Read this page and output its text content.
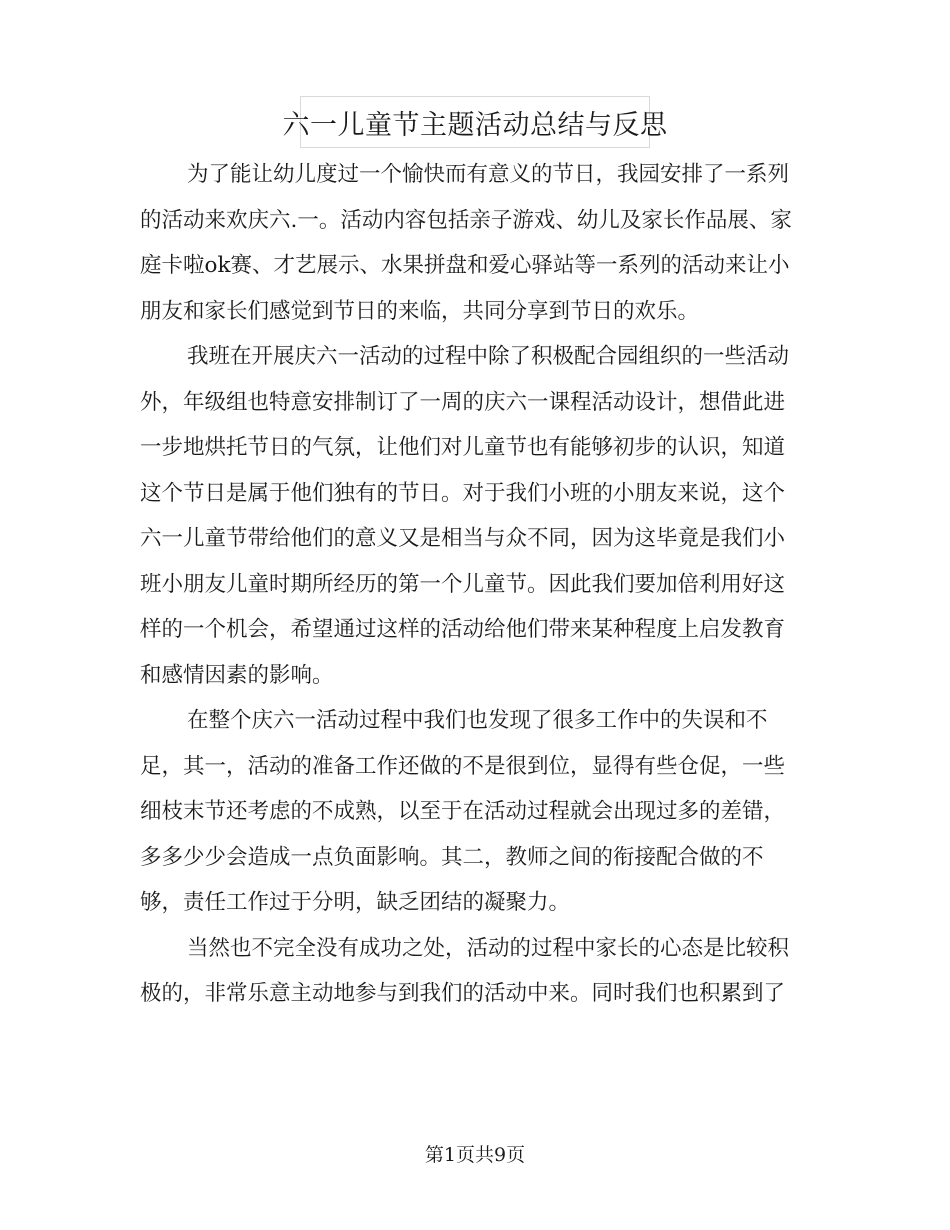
六一儿童节主题活动总结与反思

为了能让幼儿度过一个愉快而有意义的节日，我园安排了一系列
的活动来欢庆六.一。活动内容包括亲子游戏、幼儿及家长作品展、家
庭卡啦ok赛、才艺展示、水果拼盘和爱心驿站等一系列的活动来让小
朋友和家长们感觉到节日的来临，共同分享到节日的欢乐。

我班在开展庆六一活动的过程中除了积极配合园组织的一些活动
外，年级组也特意安排制订了一周的庆六一课程活动设计，想借此进
一步地烘托节日的气氛，让他们对儿童节也有能够初步的认识，知道
这个节日是属于他们独有的节日。对于我们小班的小朋友来说，这个
六一儿童节带给他们的意义又是相当与众不同，因为这毕竟是我们小
班小朋友儿童时期所经历的第一个儿童节。因此我们要加倍利用好这
样的一个机会，希望通过这样的活动给他们带来某种程度上启发教育
和感情因素的影响。

在整个庆六一活动过程中我们也发现了很多工作中的失误和不
足，其一，活动的准备工作还做的不是很到位，显得有些仓促，一些
细枝末节还考虑的不成熟，以至于在活动过程就会出现过多的差错，
多多少少会造成一点负面影响。其二，教师之间的衔接配合做的不
够，责任工作过于分明，缺乏团结的凝聚力。

当然也不完全没有成功之处，活动的过程中家长的心态是比较积
极的，非常乐意主动地参与到我们的活动中来。同时我们也积累到了

第1页共9页
